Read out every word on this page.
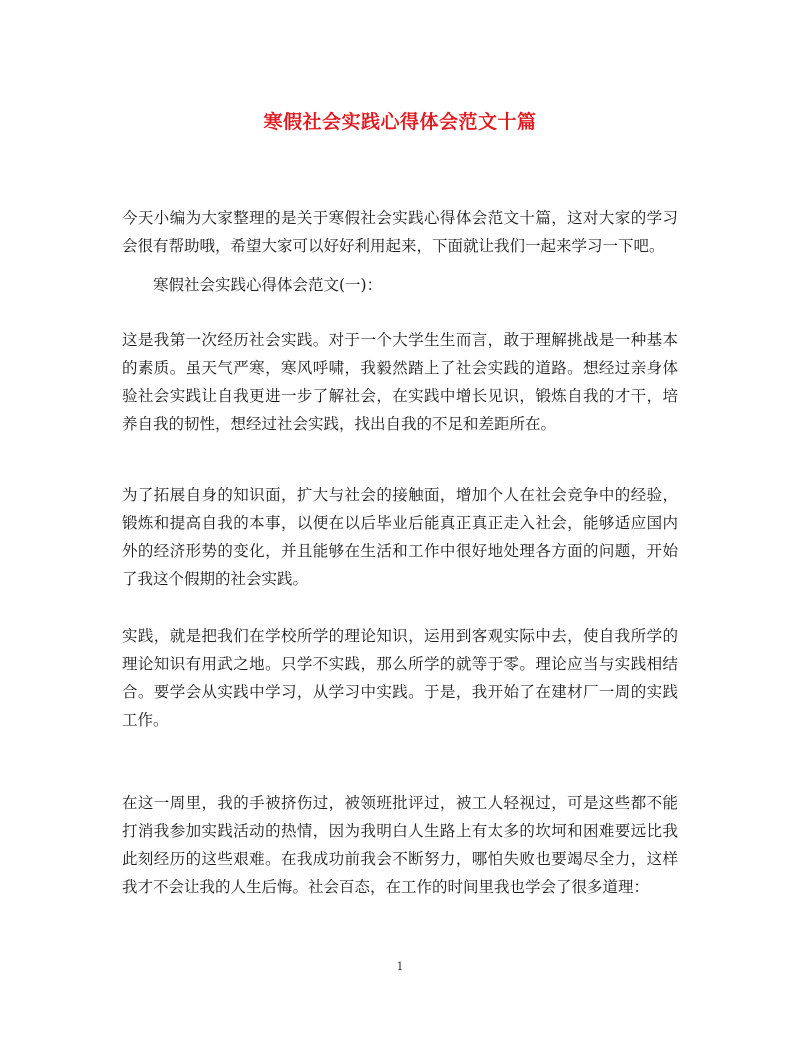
寒假社会实践心得体会范文十篇
今天小编为大家整理的是关于寒假社会实践心得体会范文十篇，这对大家的学习会很有帮助哦，希望大家可以好好利用起来，下面就让我们一起来学习一下吧。
寒假社会实践心得体会范文(一)：
这是我第一次经历社会实践。对于一个大学生生而言，敢于理解挑战是一种基本的素质。虽天气严寒，寒风呼啸，我毅然踏上了社会实践的道路。想经过亲身体验社会实践让自我更进一步了解社会，在实践中增长见识，锻炼自我的才干，培养自我的韧性，想经过社会实践，找出自我的不足和差距所在。
为了拓展自身的知识面，扩大与社会的接触面，增加个人在社会竞争中的经验，锻炼和提高自我的本事，以便在以后毕业后能真正真正走入社会，能够适应国内外的经济形势的变化，并且能够在生活和工作中很好地处理各方面的问题，开始了我这个假期的社会实践。
实践，就是把我们在学校所学的理论知识，运用到客观实际中去，使自我所学的理论知识有用武之地。只学不实践，那么所学的就等于零。理论应当与实践相结合。要学会从实践中学习，从学习中实践。于是，我开始了在建材厂一周的实践工作。
在这一周里，我的手被挤伤过，被领班批评过，被工人轻视过，可是这些都不能打消我参加实践活动的热情，因为我明白人生路上有太多的坎坷和困难要远比我此刻经历的这些艰难。在我成功前我会不断努力，哪怕失败也要竭尽全力，这样我才不会让我的人生后悔。社会百态，在工作的时间里我也学会了很多道理：
1
